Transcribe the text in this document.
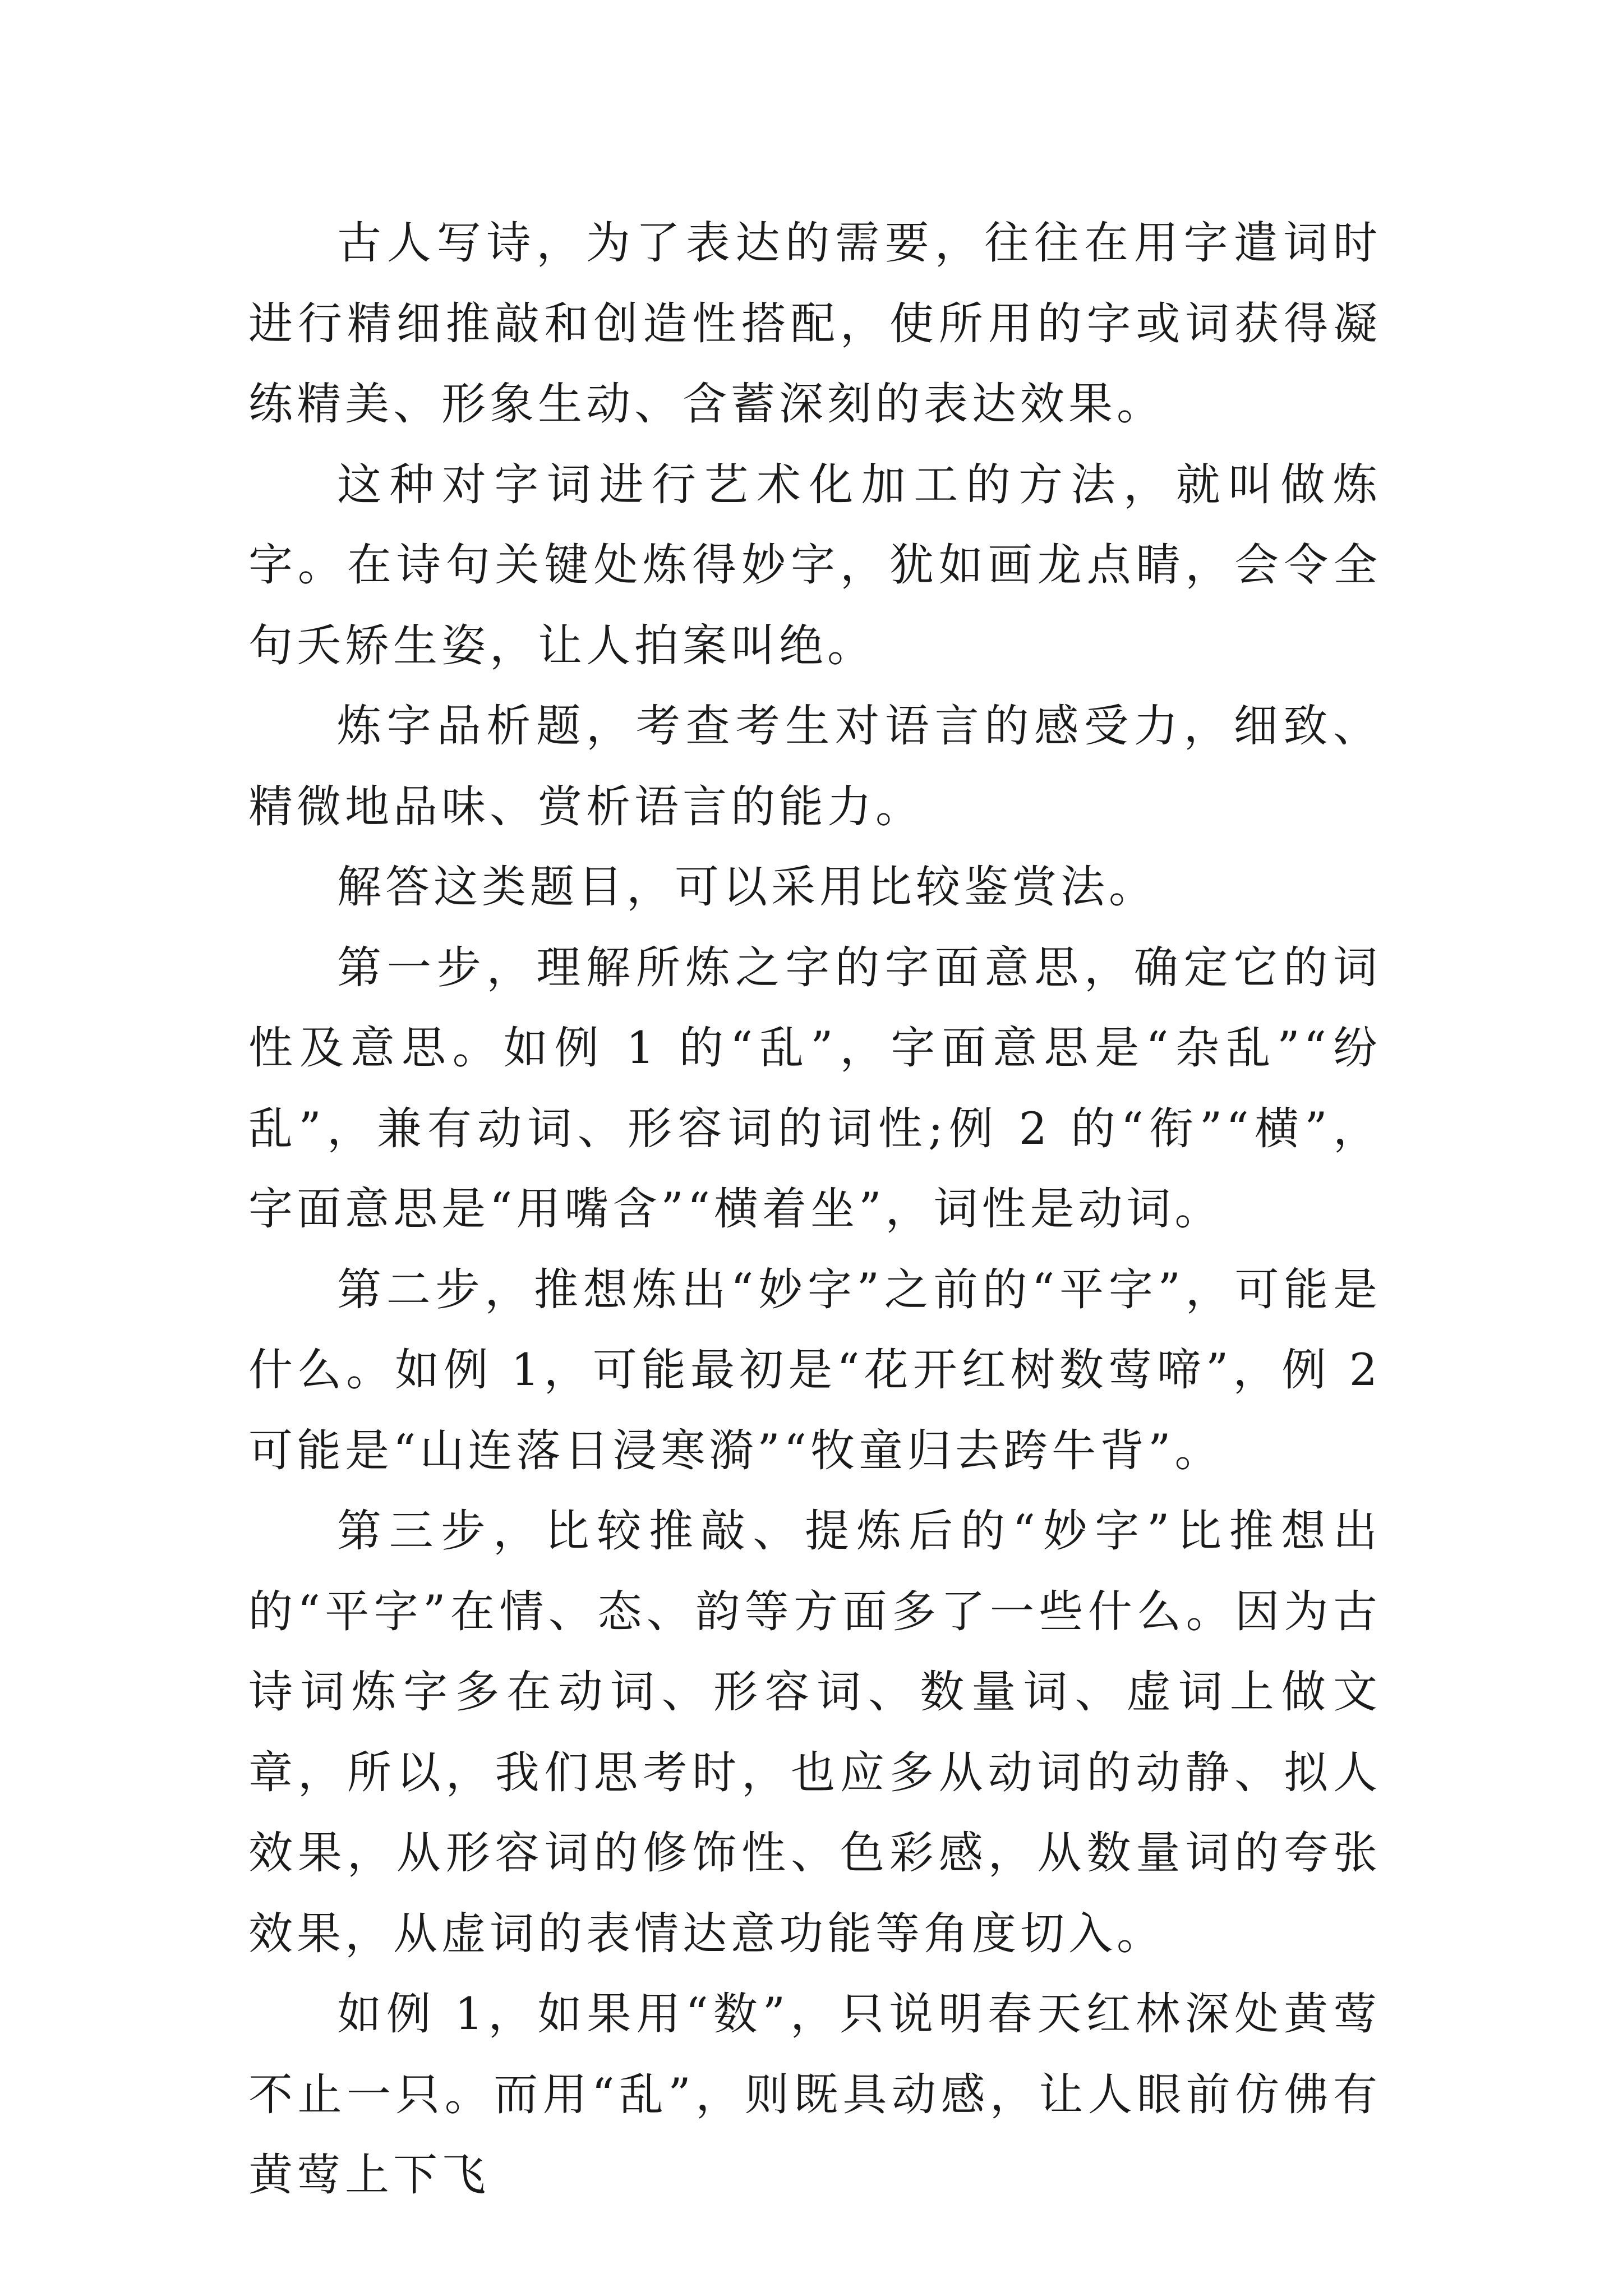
古人写诗，为了表达的需要，往往在用字遣词时进行精细推敲和创造性搭配，使所用的字或词获得凝练精美、形象生动、含蓄深刻的表达效果。

这种对字词进行艺术化加工的方法，就叫做炼字。在诗句关键处炼得妙字，犹如画龙点睛，会令全句夭矫生姿，让人拍案叫绝。

炼字品析题，考查考生对语言的感受力，细致、精微地品味、赏析语言的能力。

解答这类题目，可以采用比较鉴赏法。

第一步，理解所炼之字的字面意思，确定它的词性及意思。如例 1 的“乱”，字面意思是“杂乱”“纷乱”，兼有动词、形容词的词性;例 2 的“衔”“横”，字面意思是“用嘴含”“横着坐”，词性是动词。

第二步，推想炼出“妙字”之前的“平字”，可能是什么。如例 1，可能最初是“花开红树数莺啼”，例 2 可能是“山连落日浸寒漪”“牧童归去跨牛背”。

第三步，比较推敲、提炼后的“妙字”比推想出的“平字”在情、态、韵等方面多了一些什么。因为古诗词炼字多在动词、形容词、数量词、虚词上做文章，所以，我们思考时，也应多从动词的动静、拟人效果，从形容词的修饰性、色彩感，从数量词的夸张效果，从虚词的表情达意功能等角度切入。

如例 1，如果用“数”，只说明春天红林深处黄莺不止一只。而用“乱”，则既具动感，让人眼前仿佛有黄莺上下飞
